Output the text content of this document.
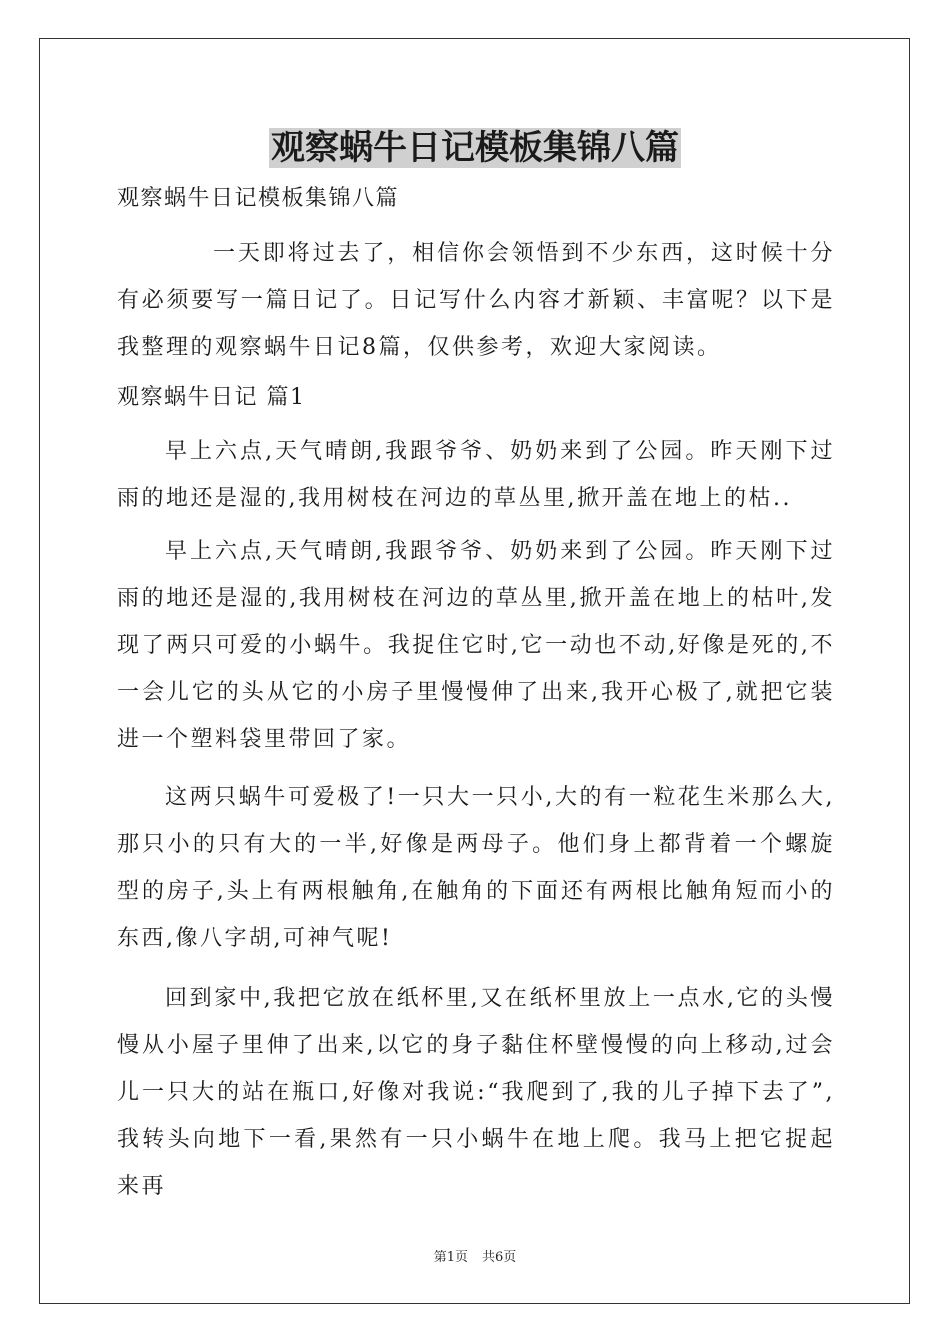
观察蜗牛日记模板集锦八篇

观察蜗牛日记模板集锦八篇

一天即将过去了，相信你会领悟到不少东西，这时候十分有必须要写一篇日记了。日记写什么内容才新颖、丰富呢？以下是我整理的观察蜗牛日记8篇，仅供参考，欢迎大家阅读。

观察蜗牛日记 篇1

早上六点,天气晴朗,我跟爷爷、奶奶来到了公园。昨天刚下过雨的地还是湿的,我用树枝在河边的草丛里,掀开盖在地上的枯..

早上六点,天气晴朗,我跟爷爷、奶奶来到了公园。昨天刚下过雨的地还是湿的,我用树枝在河边的草丛里,掀开盖在地上的枯叶,发现了两只可爱的小蜗牛。我捉住它时,它一动也不动,好像是死的,不一会儿它的头从它的小房子里慢慢伸了出来,我开心极了,就把它装进一个塑料袋里带回了家。

这两只蜗牛可爱极了!一只大一只小,大的有一粒花生米那么大,那只小的只有大的一半,好像是两母子。他们身上都背着一个螺旋型的房子,头上有两根触角,在触角的下面还有两根比触角短而小的东西,像八字胡,可神气呢!

回到家中,我把它放在纸杯里,又在纸杯里放上一点水,它的头慢慢从小屋子里伸了出来,以它的身子黏住杯壁慢慢的向上移动,过会儿一只大的站在瓶口,好像对我说:“我爬到了,我的儿子掉下去了”,我转头向地下一看,果然有一只小蜗牛在地上爬。我马上把它捉起来再

第1页 共6页
